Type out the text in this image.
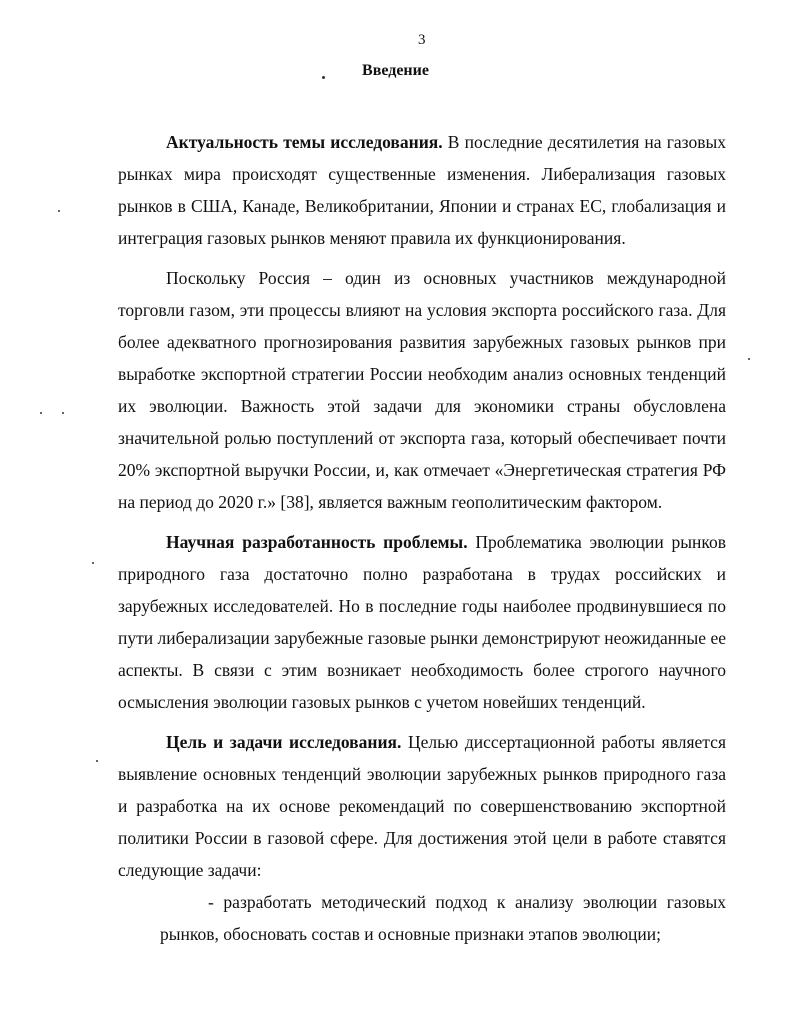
3
Введение

Актуальность темы исследования. В последние десятилетия на газовых рынках мира происходят существенные изменения. Либерализация газовых рынков в США, Канаде, Великобритании, Японии и странах ЕС, глобализация и интеграция газовых рынков меняют правила их функционирования.

Поскольку Россия – один из основных участников международной торговли газом, эти процессы влияют на условия экспорта российского газа. Для более адекватного прогнозирования развития зарубежных газовых рынков при выработке экспортной стратегии России необходим анализ основных тенденций их эволюции. Важность этой задачи для экономики страны обусловлена значительной ролью поступлений от экспорта газа, который обеспечивает почти 20% экспортной выручки России, и, как отмечает «Энергетическая стратегия РФ на период до 2020 г.» [38], является важным геополитическим фактором.

Научная разработанность проблемы. Проблематика эволюции рынков природного газа достаточно полно разработана в трудах российских и зарубежных исследователей. Но в последние годы наиболее продвинувшиеся по пути либерализации зарубежные газовые рынки демонстрируют неожиданные ее аспекты. В связи с этим возникает необходимость более строгого научного осмысления эволюции газовых рынков с учетом новейших тенденций.

Цель и задачи исследования. Целью диссертационной работы является выявление основных тенденций эволюции зарубежных рынков природного газа и разработка на их основе рекомендаций по совершенствованию экспортной политики России в газовой сфере. Для достижения этой цели в работе ставятся следующие задачи:

- разработать методический подход к анализу эволюции газовых рынков, обосновать состав и основные признаки этапов эволюции;
